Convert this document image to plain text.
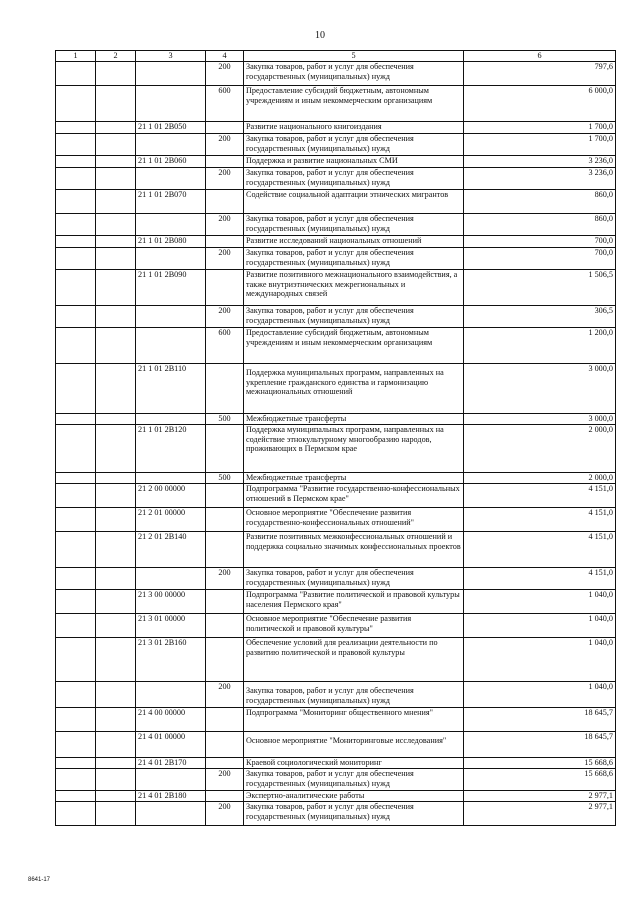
10
1	2	3	4	5	6
			200	Закупка товаров, работ и услуг для обеспечения государственных (муниципальных) нужд	797,6
			600	Предоставление субсидий бюджетным, автономным учреждениям и иным некоммерческим организациям	6 000,0
		21 1 01 2В050		Развитие национального книгоиздания	1 700,0
			200	Закупка товаров, работ и услуг для обеспечения государственных (муниципальных) нужд	1 700,0
		21 1 01 2В060		Поддержка и развитие национальных СМИ	3 236,0
			200	Закупка товаров, работ и услуг для обеспечения государственных (муниципальных) нужд	3 236,0
		21 1 01 2В070		Содействие социальной адаптации этнических мигрантов	860,0
			200	Закупка товаров, работ и услуг для обеспечения государственных (муниципальных) нужд	860,0
		21 1 01 2В080		Развитие исследований национальных отношений	700,0
			200	Закупка товаров, работ и услуг для обеспечения государственных (муниципальных) нужд	700,0
		21 1 01 2В090		Развитие позитивного межнационального взаимодействия, а также внутриэтнических межрегиональных и международных связей	1 506,5
			200	Закупка товаров, работ и услуг для обеспечения государственных (муниципальных) нужд	306,5
			600	Предоставление субсидий бюджетным, автономным учреждениям и иным некоммерческим организациям	1 200,0
		21 1 01 2В110		Поддержка муниципальных программ, направленных на укрепление гражданского единства и гармонизацию межнациональных отношений	3 000,0
			500	Межбюджетные трансферты	3 000,0
		21 1 01 2В120		Поддержка муниципальных программ, направленных на содействие этнокультурному многообразию народов, проживающих в Пермском крае	2 000,0
			500	Межбюджетные трансферты	2 000,0
		21 2 00 00000		Подпрограмма "Развитие государственно-конфессиональных отношений в Пермском крае"	4 151,0
		21 2 01 00000		Основное мероприятие "Обеспечение развития государственно-конфессиональных отношений"	4 151,0
		21 2 01 2В140		Развитие позитивных межконфессиональных отношений и поддержка социально значимых конфессиональных проектов	4 151,0
			200	Закупка товаров, работ и услуг для обеспечения государственных (муниципальных) нужд	4 151,0
		21 3 00 00000		Подпрограмма "Развитие политической и правовой культуры населения Пермского края"	1 040,0
		21 3 01 00000		Основное мероприятие "Обеспечение развития политической и правовой культуры"	1 040,0
		21 3 01 2В160		Обеспечение условий для реализации деятельности по развитию политической и правовой культуры	1 040,0
			200	Закупка товаров, работ и услуг для обеспечения государственных (муниципальных) нужд	1 040,0
		21 4 00 00000		Подпрограмма "Мониторинг общественного мнения"	18 645,7
		21 4 01 00000		Основное мероприятие "Мониторинговые исследования"	18 645,7
		21 4 01 2В170		Краевой социологический мониторинг	15 668,6
			200	Закупка товаров, работ и услуг для обеспечения государственных (муниципальных) нужд	15 668,6
		21 4 01 2В180		Экспертно-аналитические работы	2 977,1
			200	Закупка товаров, работ и услуг для обеспечения государственных (муниципальных) нужд	2 977,1
8641-17
